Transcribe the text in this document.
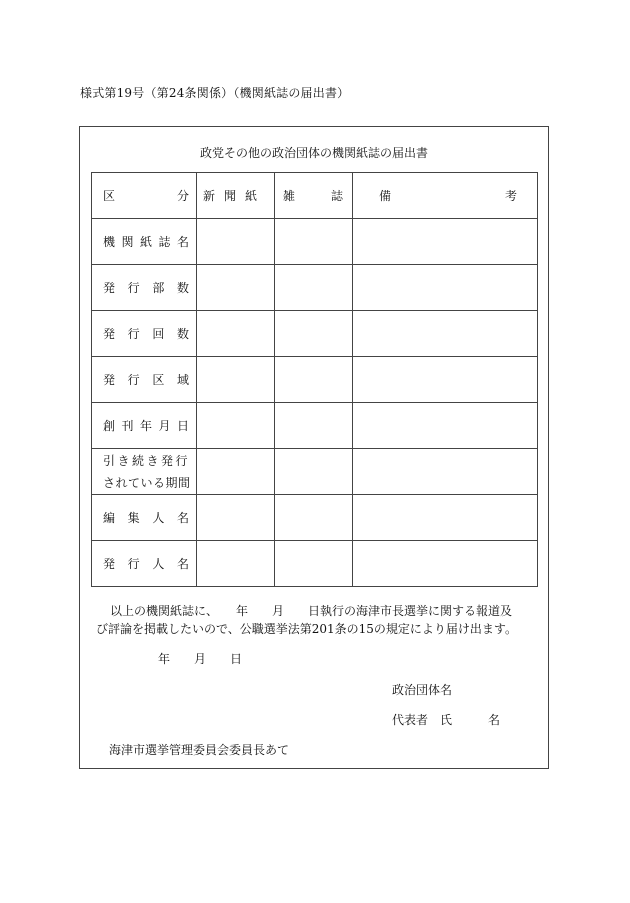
様式第19号（第24条関係）（機関紙誌の届出書）
政党その他の政治団体の機関紙誌の届出書
区 分	新聞紙	雑 誌	備 考

機 関 紙 誌 名			

発 行 部 数			

発 行 回 数			

発 行 区 域			

創 刊 年 月 日			

引き続き発行
されている期間			

編 集 人 名			

発 行 人 名			

以上の機関紙誌に、　　年　　月　　日執行の海津市長選挙に関する報道及
び評論を掲載したいので、公職選挙法第201条の15の規定により届け出ます。
年　　月　　日
政治団体名
代表者　氏　　　名
海津市選挙管理委員会委員長あて
